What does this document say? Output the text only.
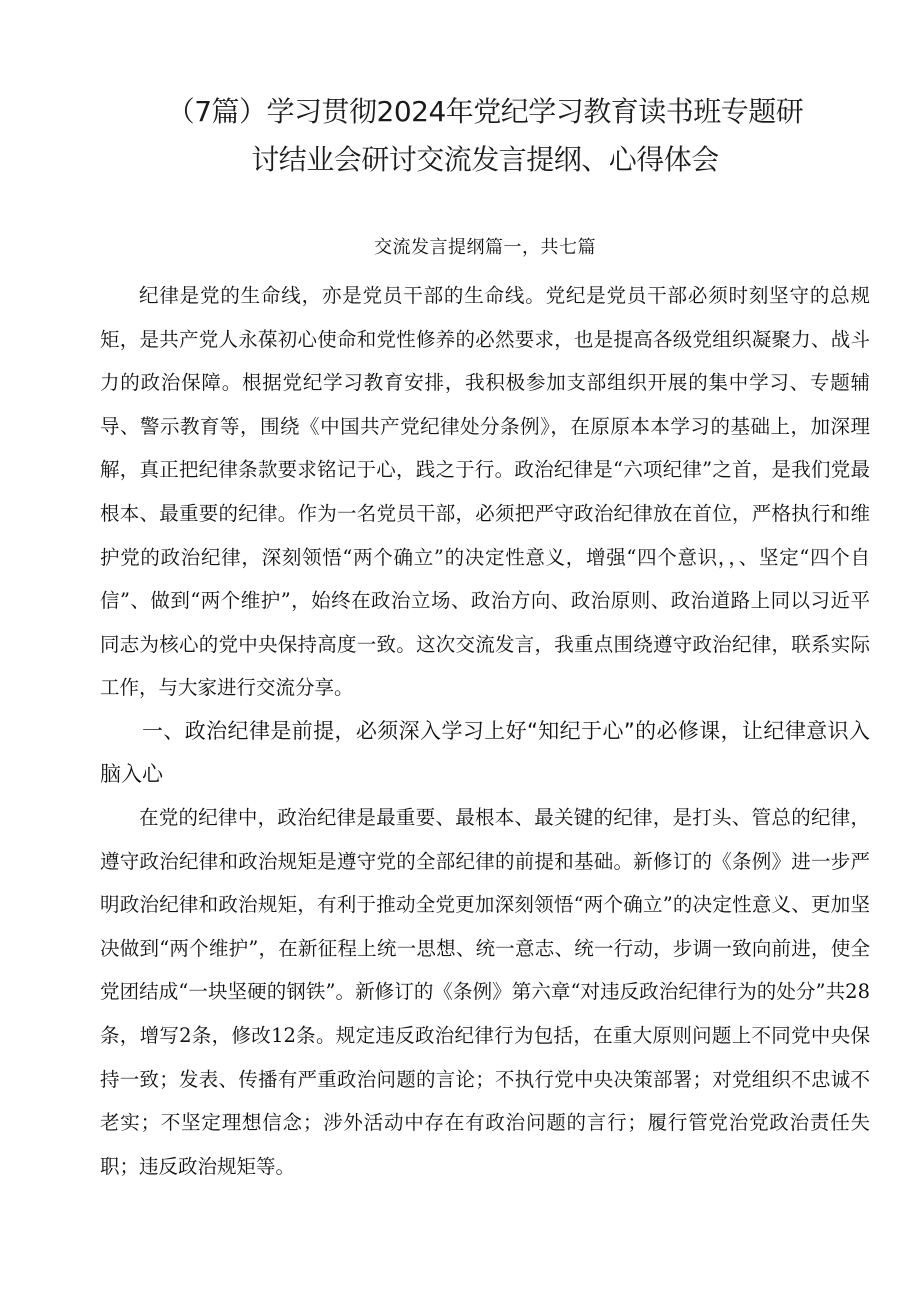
（7篇）学习贯彻2024年党纪学习教育读书班专题研
讨结业会研讨交流发言提纲、心得体会

交流发言提纲篇一，共七篇

纪律是党的生命线，亦是党员干部的生命线。党纪是党员干部必须时刻坚守的总规矩，是共产党人永葆初心使命和党性修养的必然要求，也是提高各级党组织凝聚力、战斗力的政治保障。根据党纪学习教育安排，我积极参加支部组织开展的集中学习、专题辅导、警示教育等，围绕《中国共产党纪律处分条例》，在原原本本学习的基础上，加深理解，真正把纪律条款要求铭记于心，践之于行。政治纪律是“六项纪律”之首，是我们党最根本、最重要的纪律。作为一名党员干部，必须把严守政治纪律放在首位，严格执行和维护党的政治纪律，深刻领悟“两个确立”的决定性意义，增强“四个意识，，、坚定“四个自信”、做到“两个维护”，始终在政治立场、政治方向、政治原则、政治道路上同以习近平同志为核心的党中央保持高度一致。这次交流发言，我重点围绕遵守政治纪律，联系实际工作，与大家进行交流分享。

一、政治纪律是前提，必须深入学习上好“知纪于心”的必修课，让纪律意识入脑入心

在党的纪律中，政治纪律是最重要、最根本、最关键的纪律，是打头、管总的纪律，遵守政治纪律和政治规矩是遵守党的全部纪律的前提和基础。新修订的《条例》进一步严明政治纪律和政治规矩，有利于推动全党更加深刻领悟“两个确立”的决定性意义、更加坚决做到“两个维护”，在新征程上统一思想、统一意志、统一行动，步调一致向前进，使全党团结成“一块坚硬的钢铁”。新修订的《条例》第六章“对违反政治纪律行为的处分”共28条，增写2条，修改12条。规定违反政治纪律行为包括，在重大原则问题上不同党中央保持一致；发表、传播有严重政治问题的言论；不执行党中央决策部署；对党组织不忠诚不老实；不坚定理想信念；涉外活动中存在有政治问题的言行；履行管党治党政治责任失职；违反政治规矩等。
